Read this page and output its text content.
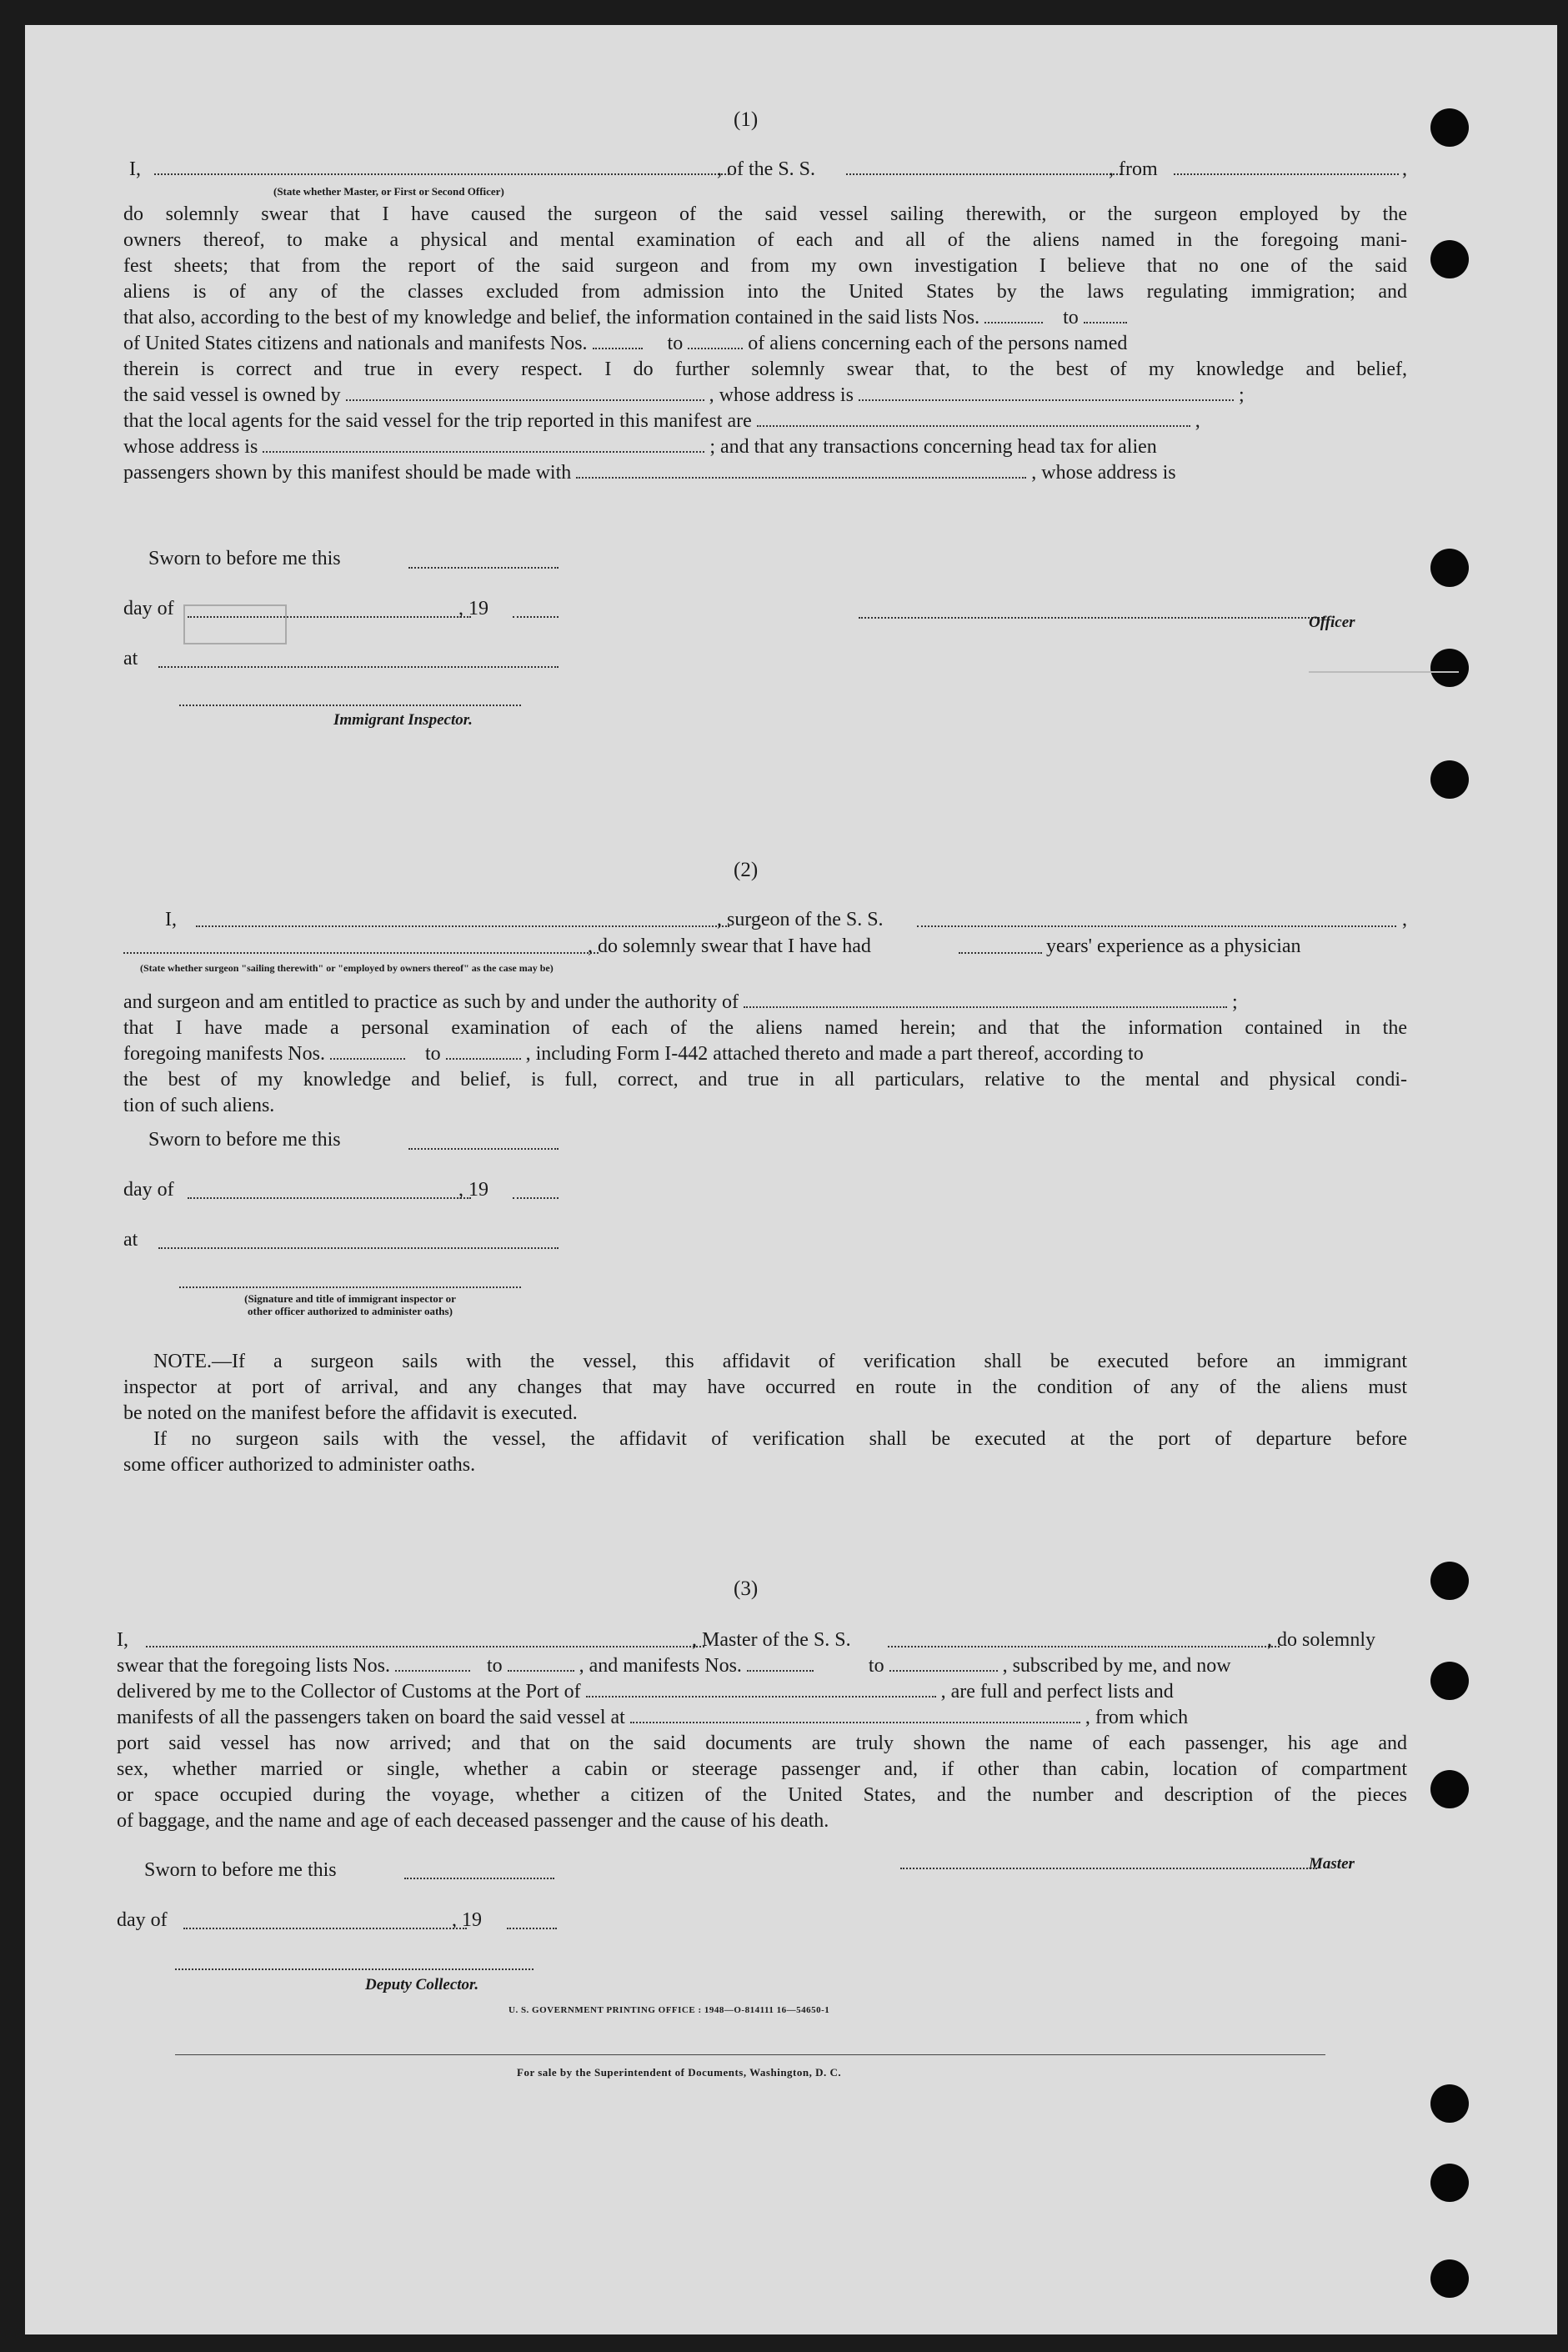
(1)
I,	, of the S. S.	, from	,
(State whether Master, or First or Second Officer)
do solemnly swear that I have caused the surgeon of the said vessel sailing therewith, or the surgeon employed by the
owners thereof, to make a physical and mental examination of each and all of the aliens named in the foregoing mani-
fest sheets; that from the report of the said surgeon and from my own investigation I believe that no one of the said
aliens is of any of the classes excluded from admission into the United States by the laws regulating immigration; and
that also, according to the best of my knowledge and belief, the information contained in the said lists Nos.	to
of United States citizens and nationals and manifests Nos.	to	of aliens concerning each of the persons named
therein is correct and true in every respect. I do further solemnly swear that, to the best of my knowledge and belief,
the said vessel is owned by	, whose address is	;
that the local agents for the said vessel for the trip reported in this manifest are	,
whose address is	; and that any transactions concerning head tax for alien
passengers shown by this manifest should be made with	, whose address is
Sworn to before me this
day of	, 19
at
Immigrant Inspector.
Officer
(2)
I,	, surgeon of the S. S.	,
, do solemnly swear that I have had	years' experience as a physician
(State whether surgeon "sailing therewith" or "employed by owners thereof" as the case may be)
and surgeon and am entitled to practice as such by and under the authority of	;
that I have made a personal examination of each of the aliens named herein; and that the information contained in the
foregoing manifests Nos.	to	, including Form I-442 attached thereto and made a part thereof, according to
the best of my knowledge and belief, is full, correct, and true in all particulars, relative to the mental and physical condi-
tion of such aliens.
Sworn to before me this
day of	, 19
at
(Signature and title of immigrant inspector or
other officer authorized to administer oaths)
NOTE.—If a surgeon sails with the vessel, this affidavit of verification shall be executed before an immigrant
inspector at port of arrival, and any changes that may have occurred en route in the condition of any of the aliens must
be noted on the manifest before the affidavit is executed.
If no surgeon sails with the vessel, the affidavit of verification shall be executed at the port of departure before
some officer authorized to administer oaths.
(3)
I,	, Master of the S. S.	, do solemnly
swear that the foregoing lists Nos.	to	, and manifests Nos.	to	, subscribed by me, and now
delivered by me to the Collector of Customs at the Port of	, are full and perfect lists and
manifests of all the passengers taken on board the said vessel at	, from which
port said vessel has now arrived; and that on the said documents are truly shown the name of each passenger, his age and
sex, whether married or single, whether a cabin or steerage passenger and, if other than cabin, location of compartment
or space occupied during the voyage, whether a citizen of the United States, and the number and description of the pieces
of baggage, and the name and age of each deceased passenger and the cause of his death.
Sworn to before me this
day of	, 19
Deputy Collector.
Master
U. S. GOVERNMENT PRINTING OFFICE : 1948—O-814111 16—54650-1
For sale by the Superintendent of Documents, Washington, D. C.
